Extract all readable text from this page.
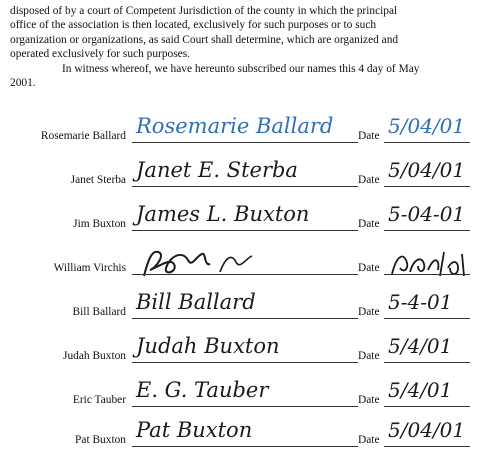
disposed of by a court of Competent Jurisdiction of the county in which the principal

office of the association is then located, exclusively for such purposes or to such

organization or organizations, as said Court shall determine, which are organized and

operated exclusively for such purposes.

In witness whereof, we have hereunto subscribed our names this 4 day of May

2001.

Rosemarie Ballard Rosemarie Ballard	Date 5/04/01
Janet Sterba Janet E. Sterba	Date 5/04/01
Jim Buxton James L. Buxton	Date 5-04-01
William Virchis	Date
Bill Ballard Bill Ballard	Date 5-4-01
Judah Buxton Judah Buxton	Date 5/4/01
Eric Tauber E. G. Tauber	Date 5/4/01
Pat Buxton Pat Buxton	Date 5/04/01
